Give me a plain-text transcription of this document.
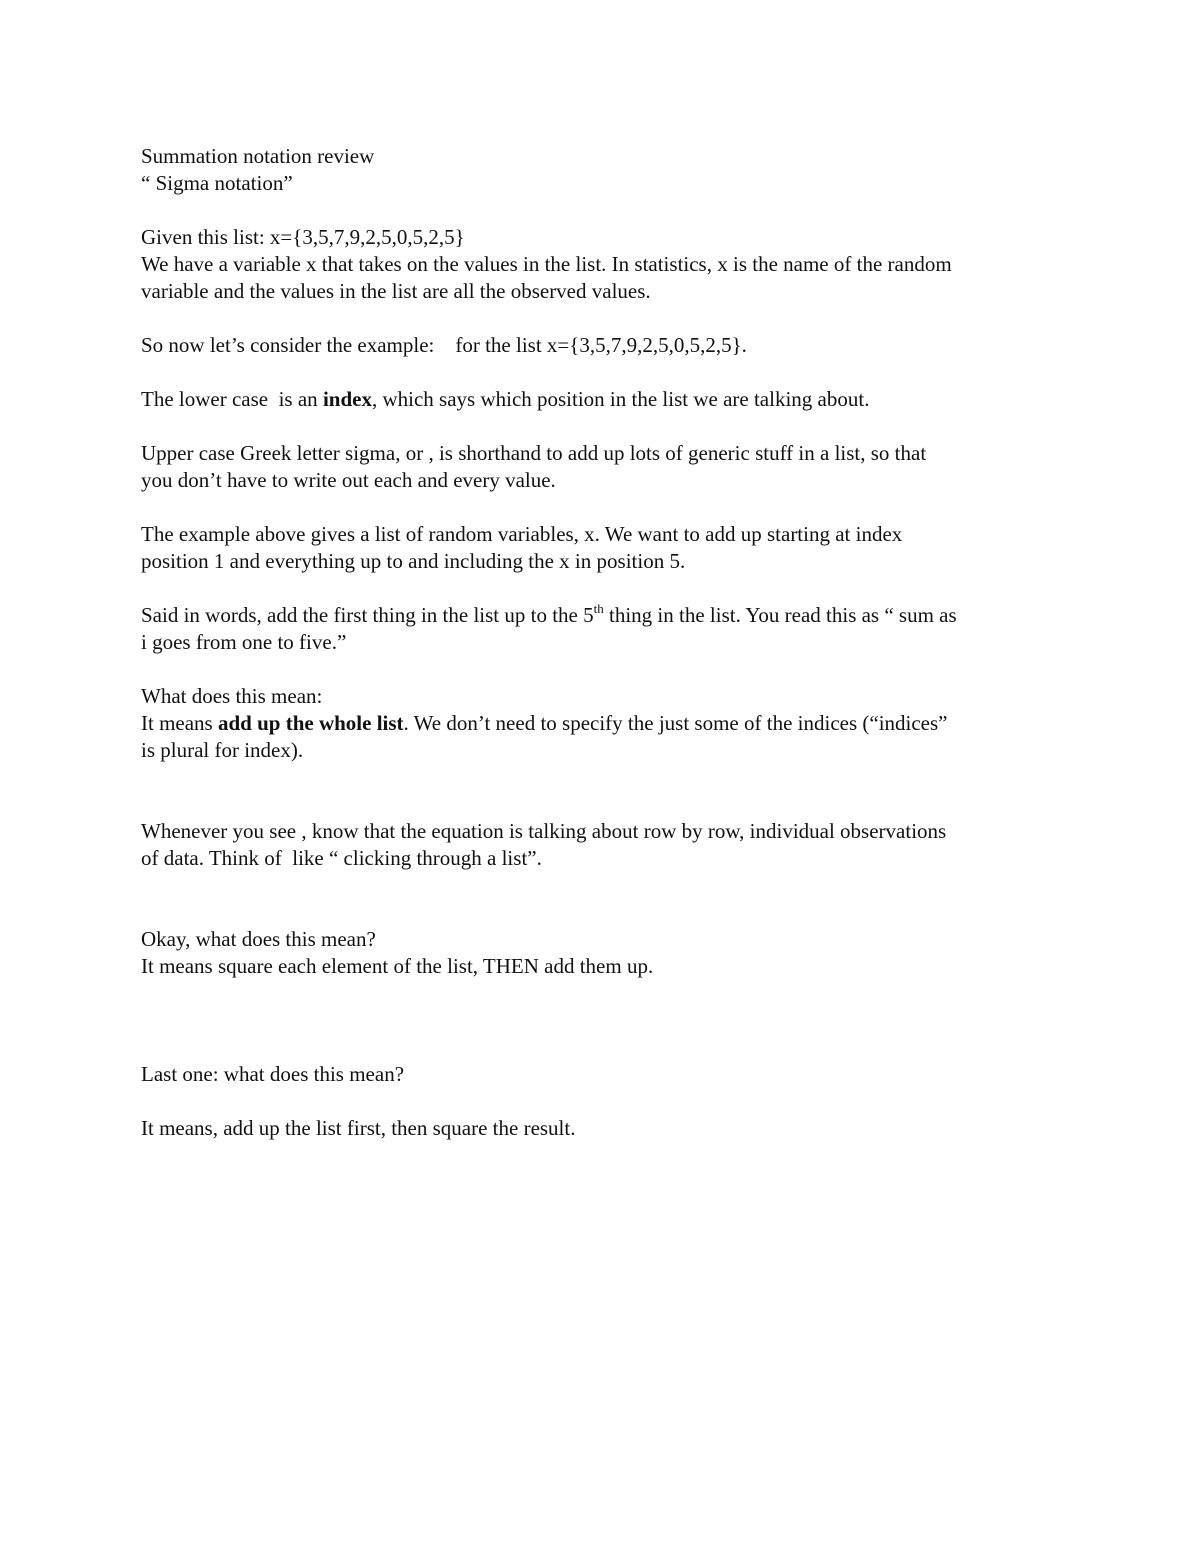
Summation notation review
“ Sigma notation”
Given this list: x={3,5,7,9,2,5,0,5,2,5}
We have a variable x that takes on the values in the list. In statistics, x is the name of the random
variable and the values in the list are all the observed values.
So now let’s consider the example:    for the list x={3,5,7,9,2,5,0,5,2,5}.
The lower case  is an index, which says which position in the list we are talking about.
Upper case Greek letter sigma, or , is shorthand to add up lots of generic stuff in a list, so that
you don’t have to write out each and every value.
The example above gives a list of random variables, x. We want to add up starting at index
position 1 and everything up to and including the x in position 5.
Said in words, add the first thing in the list up to the 5th thing in the list. You read this as “ sum as
i goes from one to five.”
What does this mean:
It means add up the whole list. We don’t need to specify the just some of the indices (“indices”
is plural for index).
Whenever you see , know that the equation is talking about row by row, individual observations
of data. Think of  like “ clicking through a list”.
Okay, what does this mean?
It means square each element of the list, THEN add them up.
Last one: what does this mean?
It means, add up the list first, then square the result.
